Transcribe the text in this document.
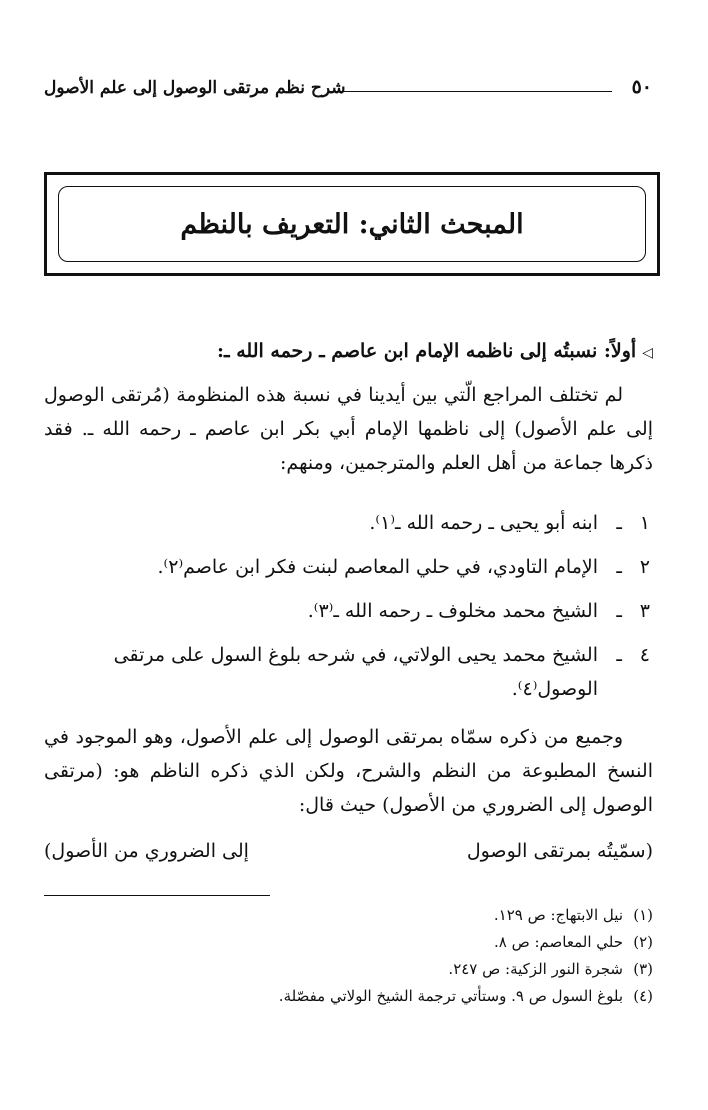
٥٠
شرح نظم مرتقى الوصول إلى علم الأصول
المبحث الثاني: التعريف بالنظم
◁أولاً: نسبتُه إلى ناظمه الإمام ابن عاصم ـ رحمه الله ـ:
لم تختلف المراجع الّتي بين أيدينا في نسبة هذه المنظومة (مُرتقى الوصول إلى علم الأصول) إلى ناظمها الإمام أبي بكر ابن عاصم ـ رحمه الله ـ. فقد ذكرها جماعة من أهل العلم والمترجمين، ومنهم:
١
ـ
ابنه أبو يحيى ـ رحمه الله ـ⁽١⁾.
٢
ـ
الإمام التاودي، في حلي المعاصم لبنت فكر ابن عاصم⁽٢⁾.
٣
ـ
الشيخ محمد مخلوف ـ رحمه الله ـ⁽٣⁾.
٤
ـ
الشيخ محمد يحيى الولاتي، في شرحه بلوغ السول على مرتقى الوصول⁽٤⁾.
وجميع من ذكره سمّاه بمرتقى الوصول إلى علم الأصول، وهو الموجود في النسخ المطبوعة من النظم والشرح، ولكن الذي ذكره الناظم هو: (مرتقى الوصول إلى الضروري من الأصول) حيث قال:
(سمّيتُه بمرتقى الوصول
إلى الضروري من الأصول)
(١)
نيل الابتهاج: ص ١٢٩.
(٢)
حلي المعاصم: ص ٨.
(٣)
شجرة النور الزكية: ص ٢٤٧.
(٤)
بلوغ السول ص ٩. وستأتي ترجمة الشيخ الولاتي مفصّلة.
